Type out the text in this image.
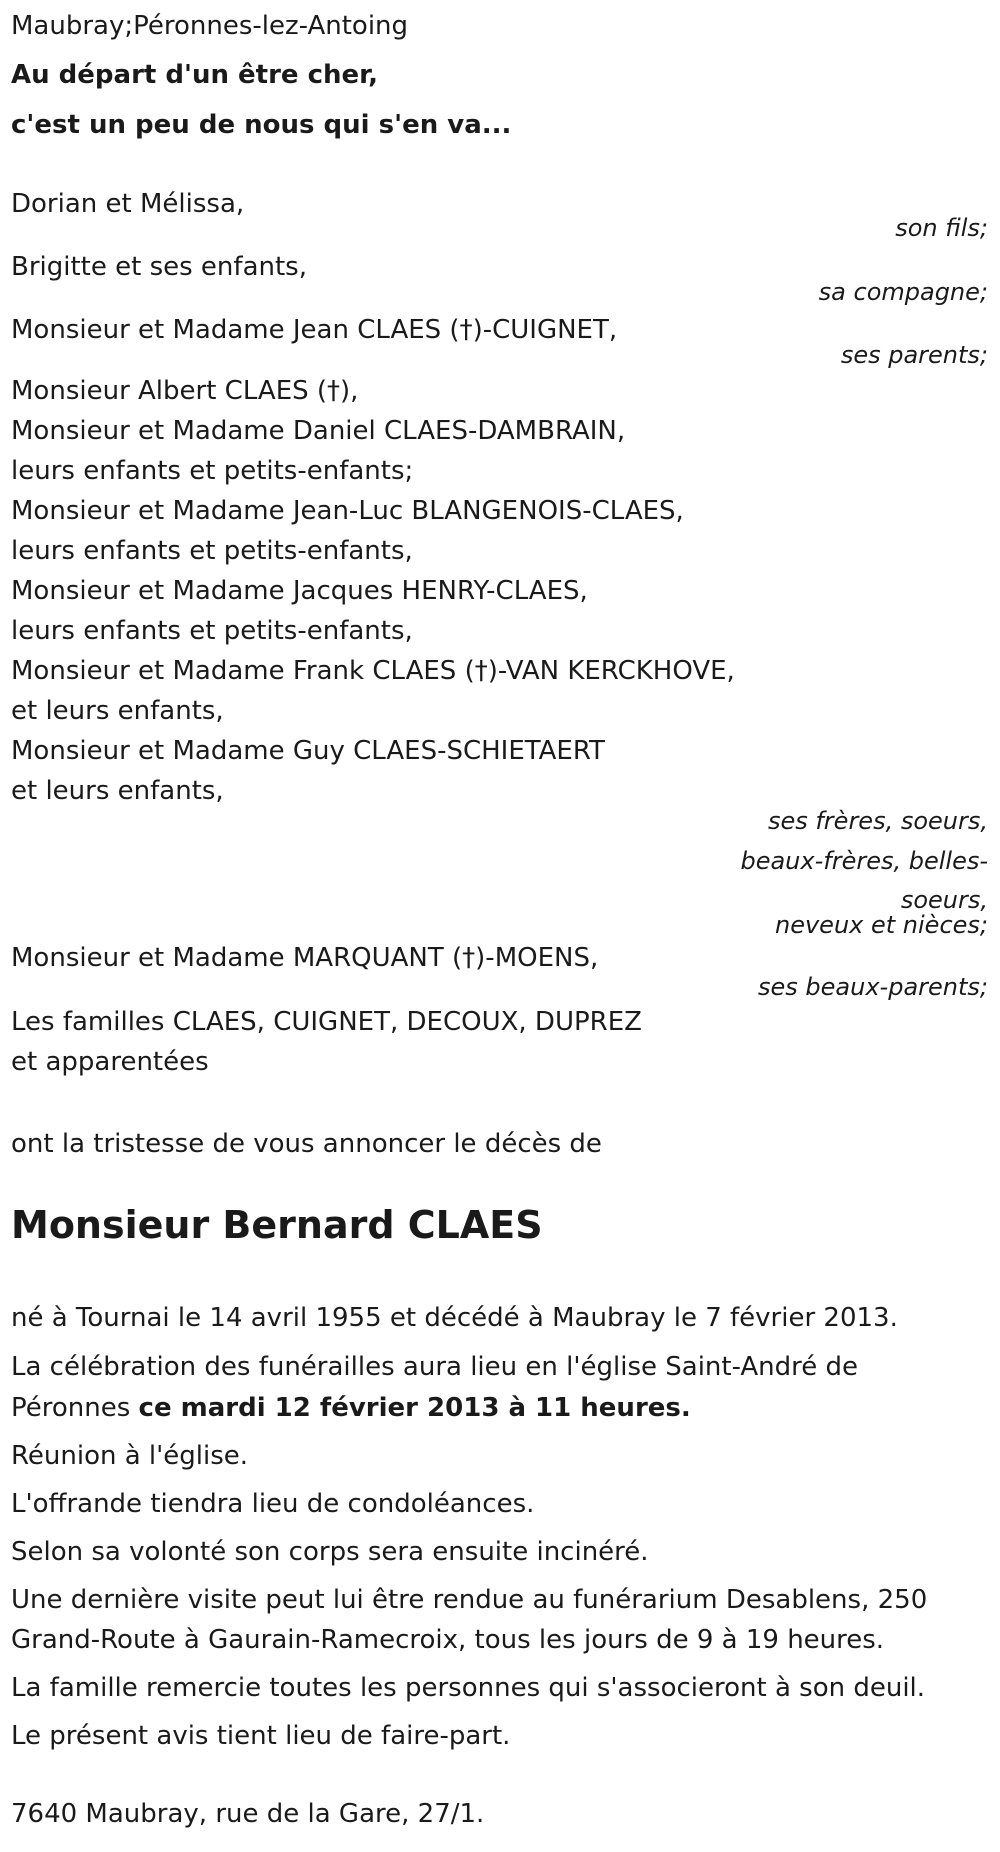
Maubray;Péronnes-lez-Antoing
Au départ d'un être cher,
c'est un peu de nous qui s'en va...
Dorian et Mélissa,
son fils;
Brigitte et ses enfants,
sa compagne;
Monsieur et Madame Jean CLAES (†)-CUIGNET,
ses parents;
Monsieur Albert CLAES (†),
Monsieur et Madame Daniel CLAES-DAMBRAIN,
leurs enfants et petits-enfants;
Monsieur et Madame Jean-Luc BLANGENOIS-CLAES,
leurs enfants et petits-enfants,
Monsieur et Madame Jacques HENRY-CLAES,
leurs enfants et petits-enfants,
Monsieur et Madame Frank CLAES (†)-VAN KERCKHOVE,
et leurs enfants,
Monsieur et Madame Guy CLAES-SCHIETAERT
et leurs enfants,
ses frères, soeurs,
beaux-frères, belles-
soeurs,
neveux et nièces;
Monsieur et Madame MARQUANT (†)-MOENS,
ses beaux-parents;
Les familles CLAES, CUIGNET, DECOUX, DUPREZ
et apparentées
ont la tristesse de vous annoncer le décès de
Monsieur Bernard CLAES
né à Tournai le 14 avril 1955 et décédé à Maubray le 7 février 2013.
La célébration des funérailles aura lieu en l'église Saint-André de
Péronnes ce mardi 12 février 2013 à 11 heures.
Réunion à l'église.
L'offrande tiendra lieu de condoléances.
Selon sa volonté son corps sera ensuite incinéré.
Une dernière visite peut lui être rendue au funérarium Desablens, 250
Grand-Route à Gaurain-Ramecroix, tous les jours de 9 à 19 heures.
La famille remercie toutes les personnes qui s'associeront à son deuil.
Le présent avis tient lieu de faire-part.
7640 Maubray, rue de la Gare, 27/1.
